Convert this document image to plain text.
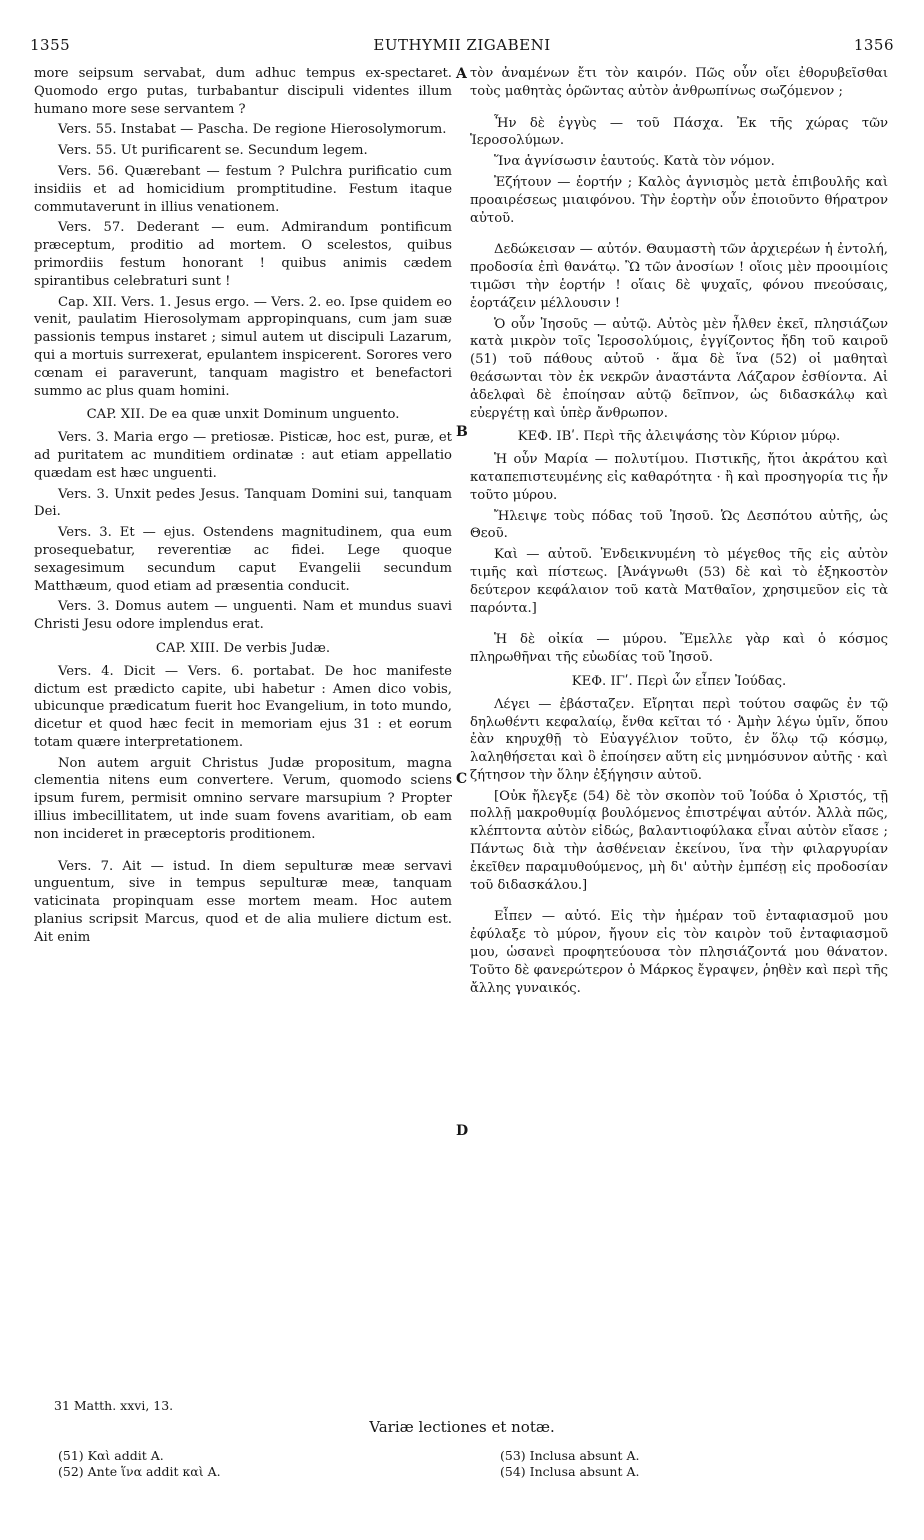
1355	EUTHYMII ZIGABENI	1356
A
B
C
D

more seipsum servabat, dum adhuc tempus ex-spectaret. Quomodo ergo putas, turbabantur discipuli videntes illum humano more sese servantem ?

Vers. 55. Instabat — Pascha. De regione Hierosolymorum.

Vers. 55. Ut purificarent se. Secundum legem.

Vers. 56. Quærebant — festum ? Pulchra purificatio cum insidiis et ad homicidium promptitudine. Festum itaque commutaverunt in illius venationem.

Vers. 57. Dederant — eum. Admirandum pontificum præceptum, proditio ad mortem. O scelestos, quibus primordiis festum honorant ! quibus animis cædem spirantibus celebraturi sunt !

Cap. XII. Vers. 1. Jesus ergo. — Vers. 2. eo. Ipse quidem eo venit, paulatim Hierosolymam appropinquans, cum jam suæ passionis tempus instaret ; simul autem ut discipuli Lazarum, qui a mortuis surrexerat, epulantem inspicerent. Sorores vero cœnam ei paraverunt, tanquam magistro et benefactori summo ac plus quam homini.

CAP. XII. De ea quæ unxit Dominum unguento.

Vers. 3. Maria ergo — pretiosæ. Pisticæ, hoc est, puræ, et ad puritatem ac munditiem ordinatæ : aut etiam appellatio quædam est hæc unguenti.

Vers. 3. Unxit pedes Jesus. Tanquam Domini sui, tanquam Dei.

Vers. 3. Et — ejus. Ostendens magnitudinem, qua eum prosequebatur, reverentiæ ac fidei. Lege quoque sexagesimum secundum caput Evangelii secundum Matthæum, quod etiam ad præsentia conducit.

Vers. 3. Domus autem — unguenti. Nam et mundus suavi Christi Jesu odore implendus erat.

CAP. XIII. De verbis Judæ.

Vers. 4. Dicit — Vers. 6. portabat. De hoc manifeste dictum est prædicto capite, ubi habetur : Amen dico vobis, ubicunque prædicatum fuerit hoc Evangelium, in toto mundo, dicetur et quod hæc fecit in memoriam ejus 31 : et eorum totam quære interpretationem.

Non autem arguit Christus Judæ propositum, magna clementia nitens eum convertere. Verum, quomodo sciens ipsum furem, permisit omnino servare marsupium ? Propter illius imbecillitatem, ut inde suam fovens avaritiam, ob eam non incideret in præceptoris proditionem.

Vers. 7. Ait — istud. In diem sepulturæ meæ servavi unguentum, sive in tempus sepulturæ meæ, tanquam vaticinata propinquam esse mortem meam. Hoc autem planius scripsit Marcus, quod et de alia muliere dictum est. Ait enim

τὸν ἀναμένων ἔτι τὸν καιρόν. Πῶς οὖν οἴει ἐθορυβεῖσθαι τοὺς μαθητὰς ὁρῶντας αὐτὸν ἀνθρωπίνως σωζόμενον ;

Ἦν δὲ ἐγγὺς — τοῦ Πάσχα. Ἐκ τῆς χώρας τῶν Ἱεροσολύμων.

Ἵνα ἁγνίσωσιν ἑαυτούς. Κατὰ τὸν νόμον.

Ἐζήτουν — ἑορτήν ; Καλὸς ἁγνισμὸς μετὰ ἐπιβουλῆς καὶ προαιρέσεως μιαιφόνου. Τὴν ἑορτὴν οὖν ἐποιοῦντο θήρατρον αὐτοῦ.

Δεδώκεισαν — αὐτόν. Θαυμαστὴ τῶν ἀρχιερέων ἡ ἐντολή, προδοσία ἐπὶ θανάτῳ. Ὢ τῶν ἀνοσίων ! οἵοις μὲν προοιμίοις τιμῶσι τὴν ἑορτήν ! οἵαις δὲ ψυχαῖς, φόνου πνεούσαις, ἑορτάζειν μέλλουσιν !

Ὁ οὖν Ἰησοῦς — αὐτῷ. Αὐτὸς μὲν ἦλθεν ἐκεῖ, πλησιάζων κατὰ μικρὸν τοῖς Ἱεροσολύμοις, ἐγγίζοντος ἤδη τοῦ καιροῦ (51) τοῦ πάθους αὐτοῦ · ἅμα δὲ ἵνα (52) οἱ μαθηταὶ θεάσωνται τὸν ἐκ νεκρῶν ἀναστάντα Λάζαρον ἐσθίοντα. Αἱ ἀδελφαὶ δὲ ἐποίησαν αὐτῷ δεῖπνον, ὡς διδασκάλῳ καὶ εὐεργέτῃ καὶ ὑπὲρ ἄνθρωπον.

ΚΕΦ. ΙΒʹ. Περὶ τῆς ἀλειψάσης τὸν Κύριον μύρῳ.

Ἡ οὖν Μαρία — πολυτίμου. Πιστικῆς, ἤτοι ἀκράτου καὶ καταπεπιστευμένης εἰς καθαρότητα · ἢ καὶ προσηγορία τις ἦν τοῦτο μύρου.

Ἤλειψε τοὺς πόδας τοῦ Ἰησοῦ. Ὡς Δεσπότου αὐτῆς, ὡς Θεοῦ.

Καὶ — αὐτοῦ. Ἐνδεικνυμένη τὸ μέγεθος τῆς εἰς αὐτὸν τιμῆς καὶ πίστεως. [Ἀνάγνωθι (53) δὲ καὶ τὸ ἑξηκοστὸν δεύτερον κεφάλαιον τοῦ κατὰ Ματθαῖον, χρησιμεῦον εἰς τὰ παρόντα.]

Ἡ δὲ οἰκία — μύρου. Ἔμελλε γὰρ καὶ ὁ κόσμος πληρωθῆναι τῆς εὐωδίας τοῦ Ἰησοῦ.

ΚΕΦ. ΙΓʹ. Περὶ ὧν εἶπεν Ἰούδας.

Λέγει — ἐβάσταζεν. Εἴρηται περὶ τούτου σαφῶς ἐν τῷ δηλωθέντι κεφαλαίῳ, ἔνθα κεῖται τό · Ἀμὴν λέγω ὑμῖν, ὅπου ἐὰν κηρυχθῇ τὸ Εὐαγγέλιον τοῦτο, ἐν ὅλῳ τῷ κόσμῳ, λαληθήσεται καὶ ὃ ἐποίησεν αὕτη εἰς μνημόσυνον αὐτῆς · καὶ ζήτησον τὴν ὅλην ἐξήγησιν αὐτοῦ.

[Οὐκ ἤλεγξε (54) δὲ τὸν σκοπὸν τοῦ Ἰούδα ὁ Χριστός, τῇ πολλῇ μακροθυμίᾳ βουλόμενος ἐπιστρέψαι αὐτόν. Ἀλλὰ πῶς, κλέπτοντα αὐτὸν εἰδώς, βαλαντιοφύλακα εἶναι αὐτὸν εἴασε ; Πάντως διὰ τὴν ἀσθένειαν ἐκείνου, ἵνα τὴν φιλαργυρίαν ἐκεῖθεν παραμυθούμενος, μὴ δι' αὐτὴν ἐμπέσῃ εἰς προδοσίαν τοῦ διδασκάλου.]

Εἶπεν — αὐτό. Εἰς τὴν ἡμέραν τοῦ ἐνταφιασμοῦ μου ἐφύλαξε τὸ μύρον, ἤγουν εἰς τὸν καιρὸν τοῦ ἐνταφιασμοῦ μου, ὡσανεὶ προφητεύουσα τὸν πλησιάζοντά μου θάνατον. Τοῦτο δὲ φανερώτερον ὁ Μάρκος ἔγραψεν, ῥηθὲν καὶ περὶ τῆς ἄλλης γυναικός.

31 Matth. xxvi, 13.
Variæ lectiones et notæ.
(51) Καὶ addit A.
(52) Ante ἵνα addit καὶ A.
(53) Inclusa absunt A.
(54) Inclusa absunt A.
